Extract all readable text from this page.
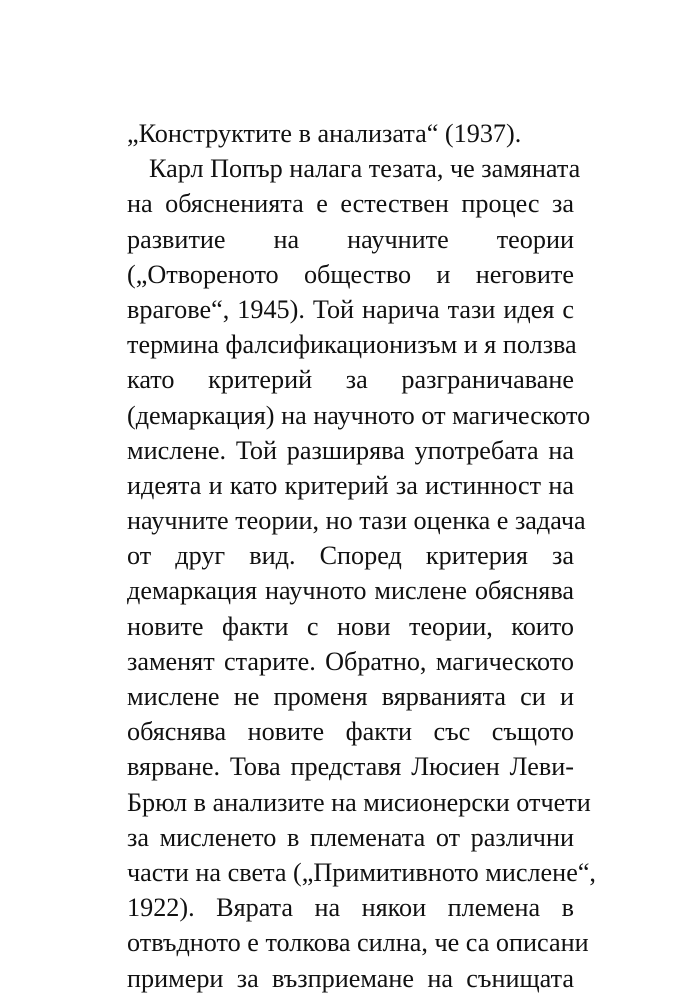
„Конструктите в анализата“ (1937).
Карл Попър налага тезата, че замяната
на обясненията е естествен процес за
развитие на научните теории
(„Отвореното общество и неговите
врагове“, 1945). Той нарича тази идея с
термина фалсификационизъм и я ползва
като критерий за разграничаване
(демаркация) на научното от магическото
мислене. Той разширява употребата на
идеята и като критерий за истинност на
научните теории, но тази оценка е задача
от друг вид. Според критерия за
демаркация научното мислене обяснява
новите факти с нови теории, които
заменят старите. Обратно, магическото
мислене не променя вярванията си и
обяснява новите факти със същото
вярване. Това представя Люсиен Леви-
Брюл в анализите на мисионерски отчети
за мисленето в племената от различни
части на света („Примитивното мислене“,
1922). Вярата на някои племена в
отвъдното е толкова силна, че са описани
примери за възприемане на сънищата
